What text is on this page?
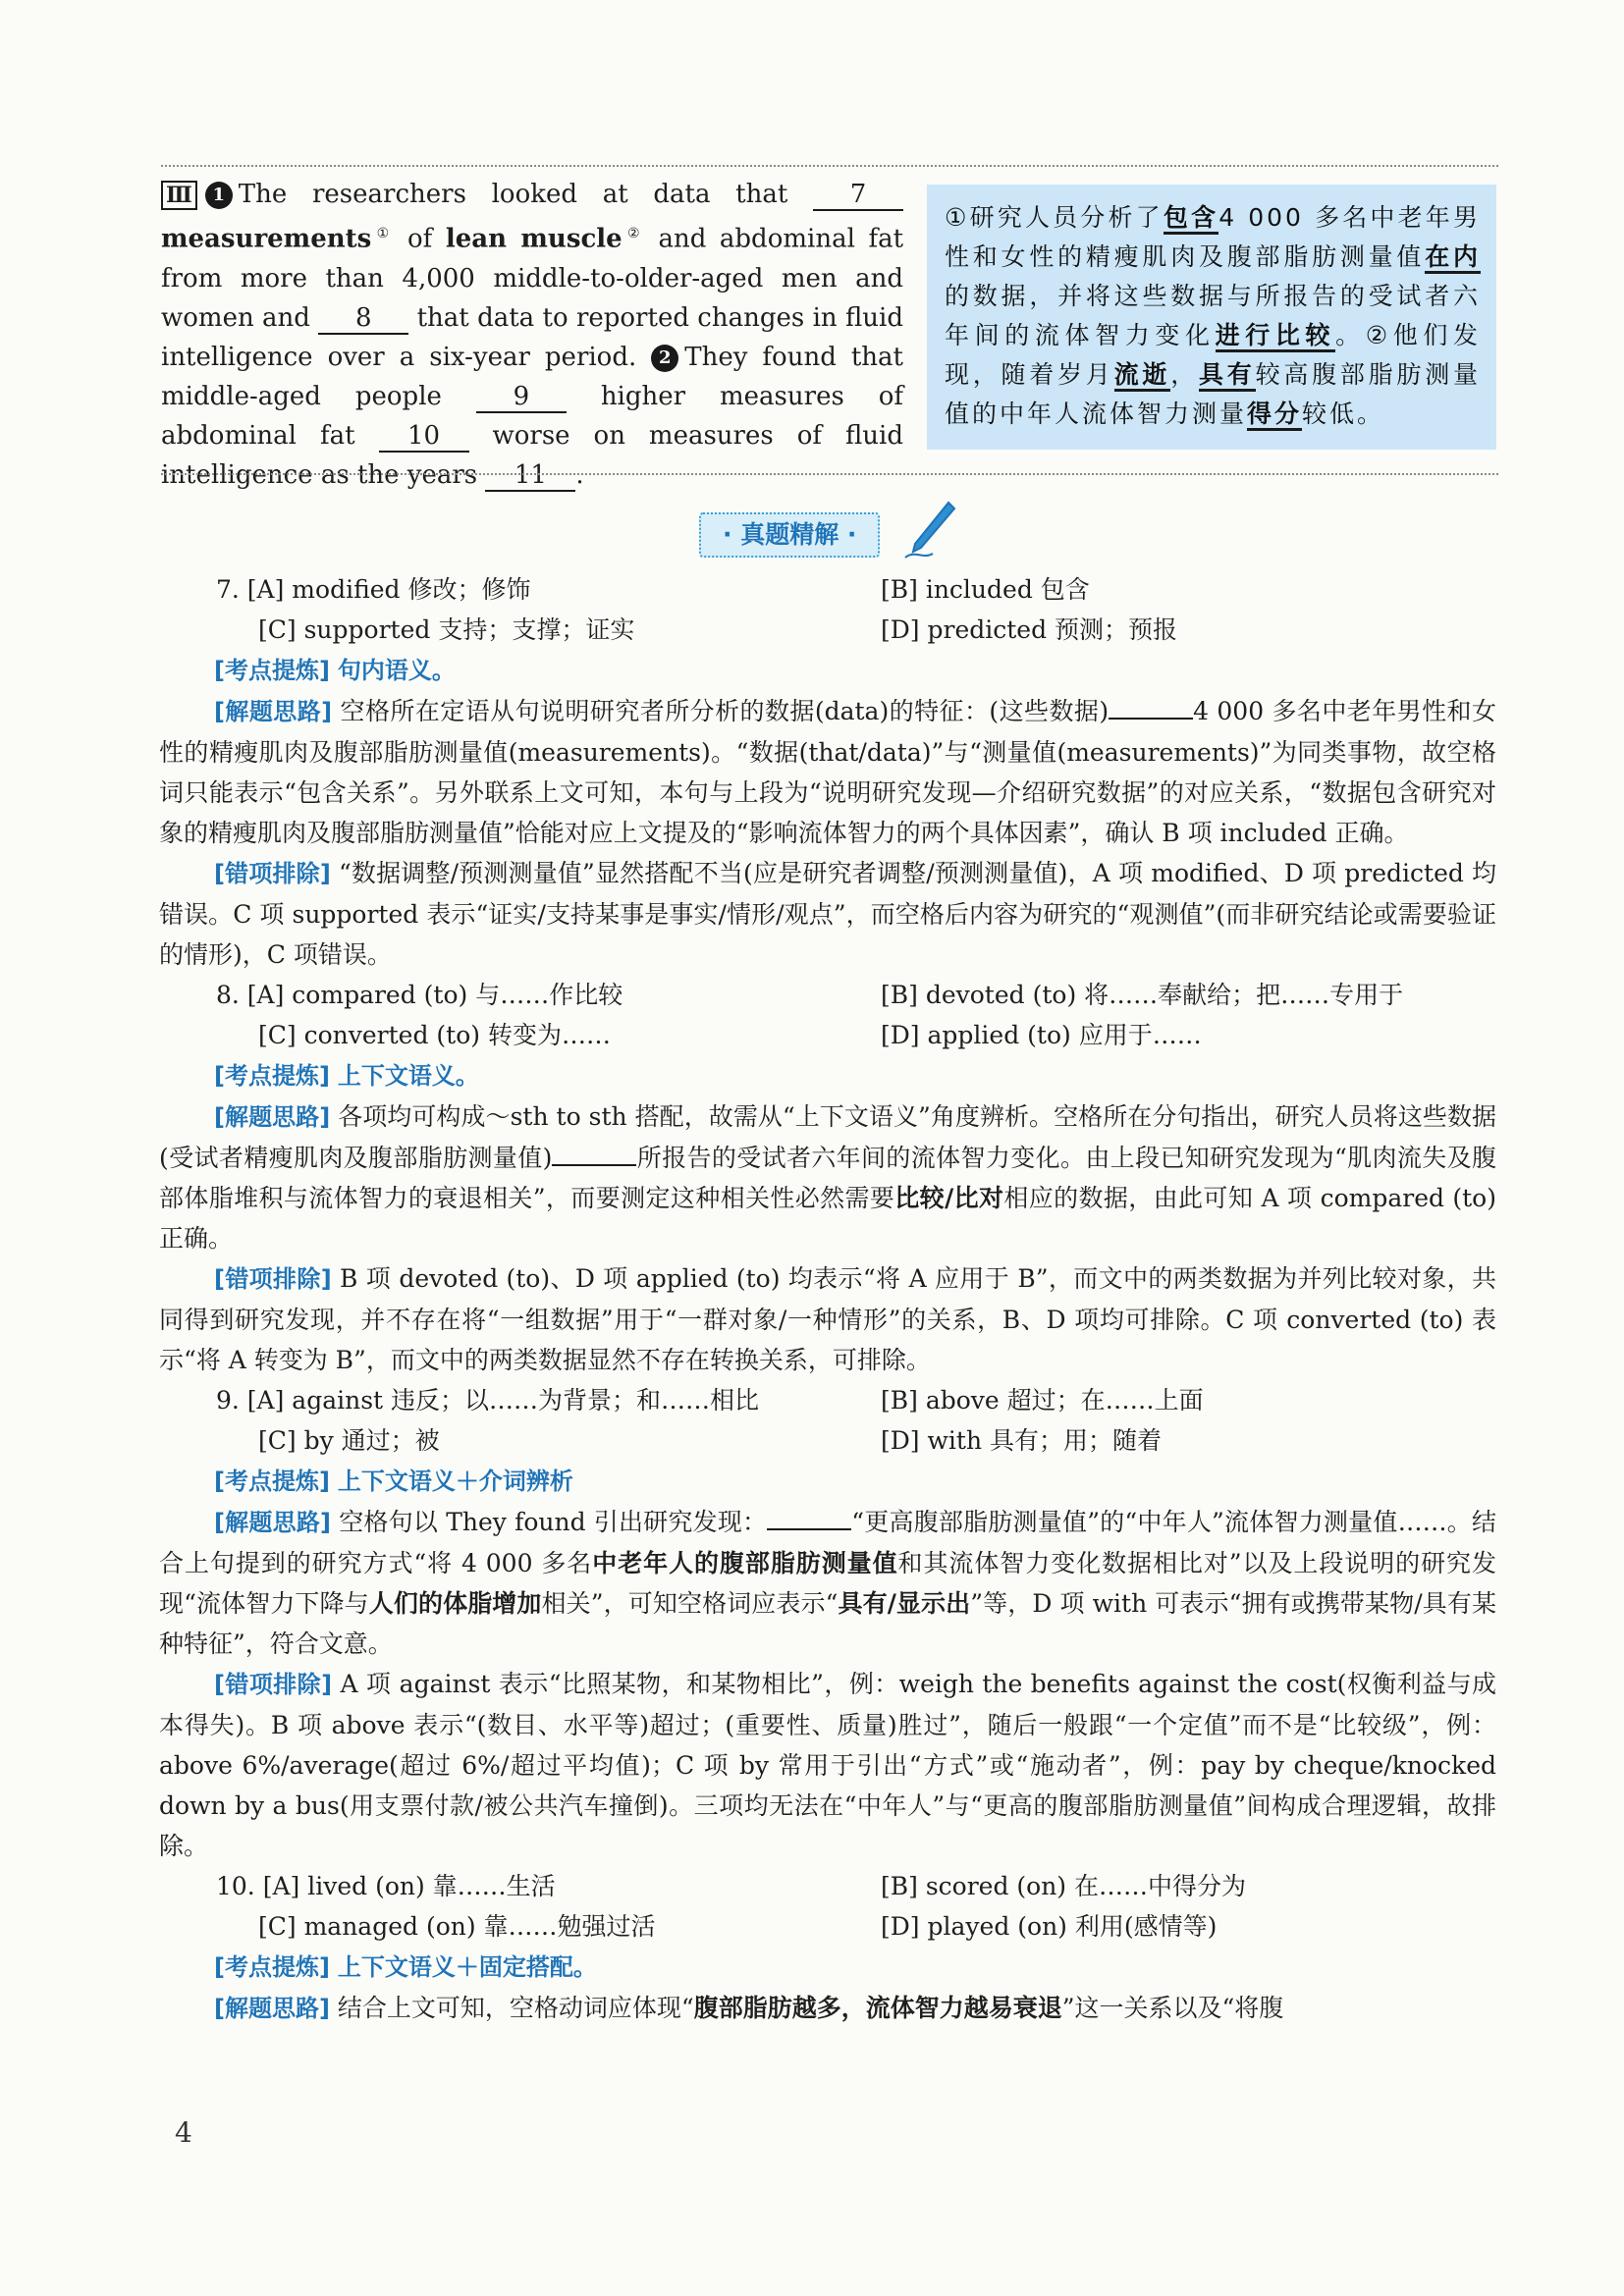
Ⅲ 1 The researchers looked at data that 7 measurements① of lean muscle② and abdominal fat from more than 4,000 middle-to-older-aged men and women and 8 that data to reported changes in fluid intelligence over a six-year period. 2 They found that middle-aged people	9	higher measures of abdominal fat 10 worse on measures of fluid intelligence as the years 11 .
①研究人员分析了包含4 000 多名中老年男性和女性的精瘦肌肉及腹部脂肪测量值在内的数据，并将这些数据与所报告的受试者六年间的流体智力变化进行比较。②他们发现，随着岁月流逝，具有较高腹部脂肪测量值的中年人流体智力测量得分较低。
· 真题精解 ·
7. [A] modified 修改；修饰	[B] included 包含
[C] supported 支持；支撑；证实	[D] predicted 预测；预报

[考点提炼] 句内语义。

[解题思路] 空格所在定语从句说明研究者所分析的数据(data)的特征：(这些数据)	4 000 多名中老年男性和女性的精瘦肌肉及腹部脂肪测量值(measurements)。“数据(that/data)”与“测量值(measurements)”为同类事物，故空格词只能表示“包含关系”。另外联系上文可知，本句与上段为“说明研究发现—介绍研究数据”的对应关系，“数据包含研究对象的精瘦肌肉及腹部脂肪测量值”恰能对应上文提及的“影响流体智力的两个具体因素”，确认 B 项 included 正确。

[错项排除] “数据调整/预测测量值”显然搭配不当(应是研究者调整/预测测量值)，A 项 modified、D 项 predicted 均错误。C 项 supported 表示“证实/支持某事是事实/情形/观点”，而空格后内容为研究的“观测值”(而非研究结论或需要验证的情形)，C 项错误。

8. [A] compared (to) 与……作比较	[B] devoted (to) 将……奉献给；把……专用于
[C] converted (to) 转变为……	[D] applied (to) 应用于……

[考点提炼] 上下文语义。

[解题思路] 各项均可构成～sth to sth 搭配，故需从“上下文语义”角度辨析。空格所在分句指出，研究人员将这些数据(受试者精瘦肌肉及腹部脂肪测量值)	所报告的受试者六年间的流体智力变化。由上段已知研究发现为“肌肉流失及腹部体脂堆积与流体智力的衰退相关”，而要测定这种相关性必然需要比较/比对相应的数据，由此可知 A 项 compared (to) 正确。

[错项排除] B 项 devoted (to)、D 项 applied (to) 均表示“将 A 应用于 B”，而文中的两类数据为并列比较对象，共同得到研究发现，并不存在将“一组数据”用于“一群对象/一种情形”的关系，B、D 项均可排除。C 项 converted (to) 表示“将 A 转变为 B”，而文中的两类数据显然不存在转换关系，可排除。

9. [A] against 违反；以……为背景；和……相比	[B] above 超过；在……上面
[C] by 通过；被	[D] with 具有；用；随着

[考点提炼] 上下文语义＋介词辨析

[解题思路] 空格句以 They found 引出研究发现：	“更高腹部脂肪测量值”的“中年人”流体智力测量值……。结合上句提到的研究方式“将 4 000 多名中老年人的腹部脂肪测量值和其流体智力变化数据相比对”以及上段说明的研究发现“流体智力下降与人们的体脂增加相关”，可知空格词应表示“具有/显示出”等，D 项 with 可表示“拥有或携带某物/具有某种特征”，符合文意。

[错项排除] A 项 against 表示“比照某物，和某物相比”，例：weigh the benefits against the cost(权衡利益与成本得失)。B 项 above 表示“(数目、水平等)超过；(重要性、质量)胜过”，随后一般跟“一个定值”而不是“比较级”，例：above 6%/average(超过 6%/超过平均值)；C 项 by 常用于引出“方式”或“施动者”，例：pay by cheque/knocked down by a bus(用支票付款/被公共汽车撞倒)。三项均无法在“中年人”与“更高的腹部脂肪测量值”间构成合理逻辑，故排除。

10. [A] lived (on) 靠……生活	[B] scored (on) 在……中得分为
[C] managed (on) 靠……勉强过活	[D] played (on) 利用(感情等)

[考点提炼] 上下文语义＋固定搭配。

[解题思路] 结合上文可知，空格动词应体现“腹部脂肪越多，流体智力越易衰退”这一关系以及“将腹

4
